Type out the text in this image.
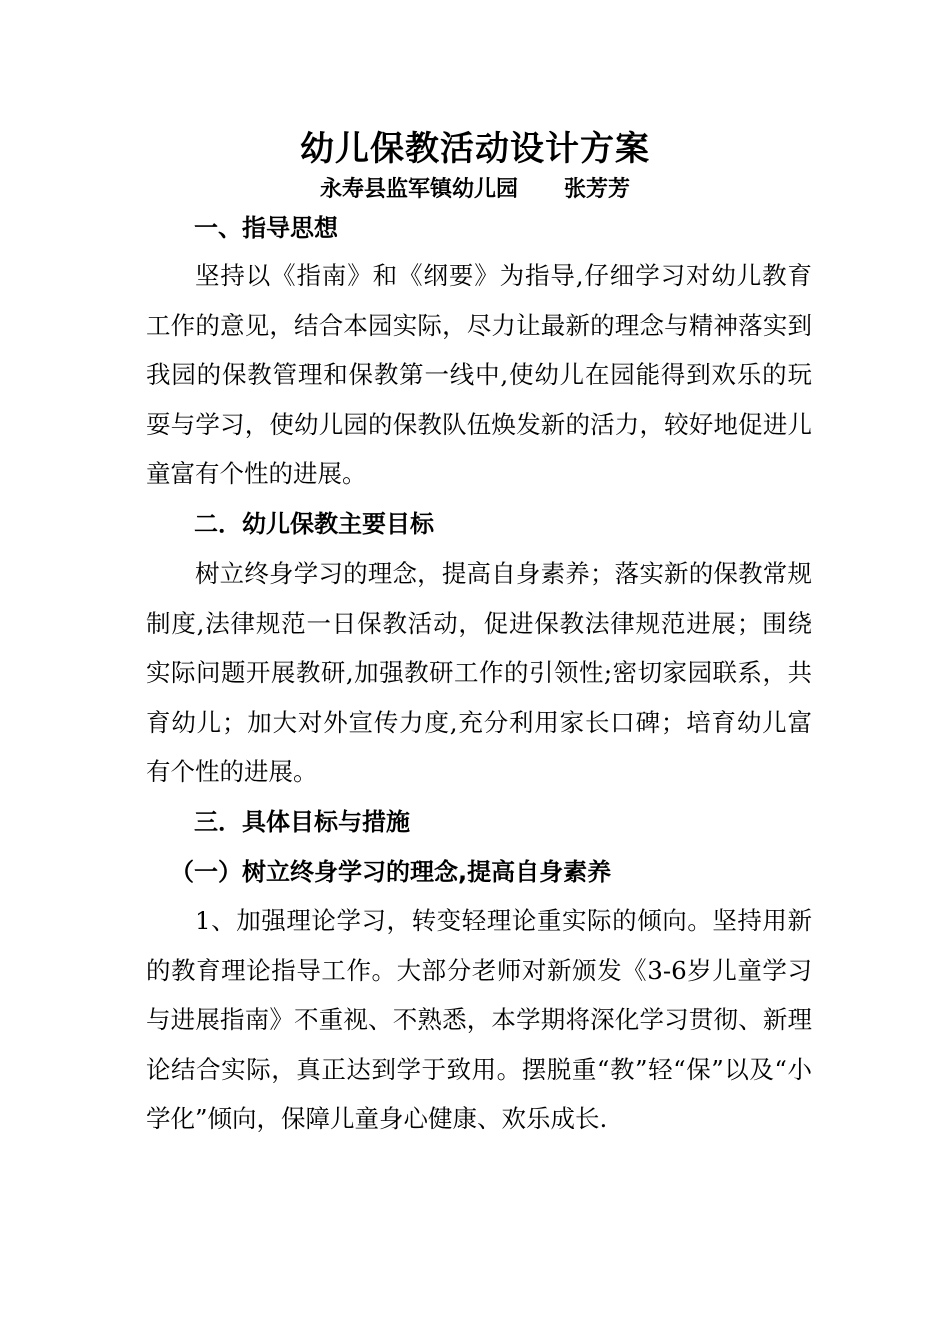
幼儿保教活动设计方案
永寿县监军镇幼儿园 张芳芳
一、指导思想
坚持以《指南》和《纲要》为指导,仔细学习对幼儿教育工作的意见，结合本园实际，尽力让最新的理念与精神落实到我园的保教管理和保教第一线中,使幼儿在园能得到欢乐的玩耍与学习，使幼儿园的保教队伍焕发新的活力，较好地促进儿童富有个性的进展。
二．幼儿保教主要目标
树立终身学习的理念，提高自身素养；落实新的保教常规制度,法律规范一日保教活动，促进保教法律规范进展；围绕实际问题开展教研,加强教研工作的引领性;密切家园联系，共育幼儿；加大对外宣传力度,充分利用家长口碑；培育幼儿富有个性的进展。
三．具体目标与措施
（一）树立终身学习的理念,提高自身素养
1、加强理论学习，转变轻理论重实际的倾向。坚持用新的教育理论指导工作。大部分老师对新颁发《3-6岁儿童学习与进展指南》不重视、不熟悉，本学期将深化学习贯彻、新理论结合实际，真正达到学于致用。摆脱重“教”轻“保”以及“小学化”倾向，保障儿童身心健康、欢乐成长.
